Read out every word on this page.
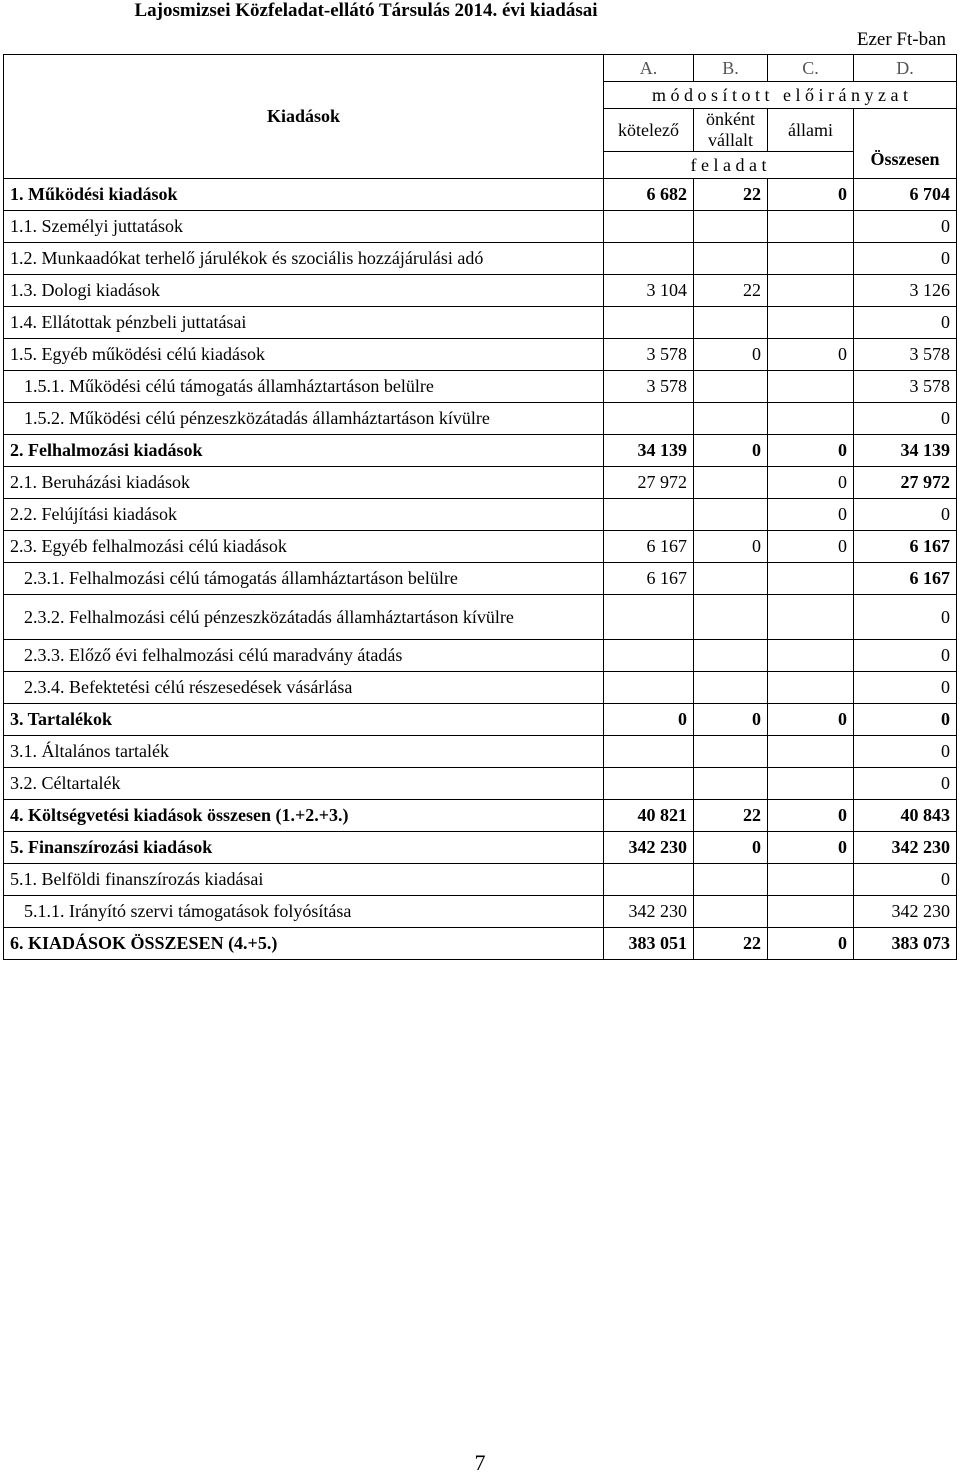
Lajosmizsei Közfeladat-ellátó Társulás 2014. évi kiadásai
Ezer Ft-ban
Kiadások	A.	B.	C.	D.
	m ó d o s í t o t t   e l ő i r á n y z a t			
	kötelező	önként vállalt	állami	Összesen
	f e l a d a t			
1. Működési kiadások	6 682	22	0	6 704
1.1. Személyi juttatások				0
1.2. Munkaadókat terhelő járulékok és szociális hozzájárulási adó				0
1.3. Dologi kiadások	3 104	22		3 126
1.4. Ellátottak pénzbeli juttatásai				0
1.5. Egyéb működési célú kiadások	3 578	0	0	3 578
1.5.1. Működési célú támogatás államháztartáson belülre	3 578			3 578
1.5.2. Működési célú pénzeszközátadás államháztartáson kívülre				0
2. Felhalmozási kiadások	34 139	0	0	34 139
2.1. Beruházási kiadások	27 972		0	27 972
2.2. Felújítási kiadások			0	0
2.3. Egyéb felhalmozási célú kiadások	6 167	0	0	6 167
2.3.1. Felhalmozási célú támogatás államháztartáson belülre	6 167			6 167
2.3.2. Felhalmozási célú pénzeszközátadás államháztartáson kívülre				0
2.3.3. Előző évi felhalmozási célú maradvány átadás				0
2.3.4. Befektetési célú részesedések vásárlása				0
3. Tartalékok	0	0	0	0
3.1. Általános tartalék				0
3.2. Céltartalék				0
4. Költségvetési kiadások összesen (1.+2.+3.)	40 821	22	0	40 843
5. Finanszírozási kiadások	342 230	0	0	342 230
5.1. Belföldi finanszírozás kiadásai				0
5.1.1. Irányító szervi támogatások folyósítása	342 230			342 230
6. KIADÁSOK ÖSSZESEN (4.+5.)	383 051	22	0	383 073
7
